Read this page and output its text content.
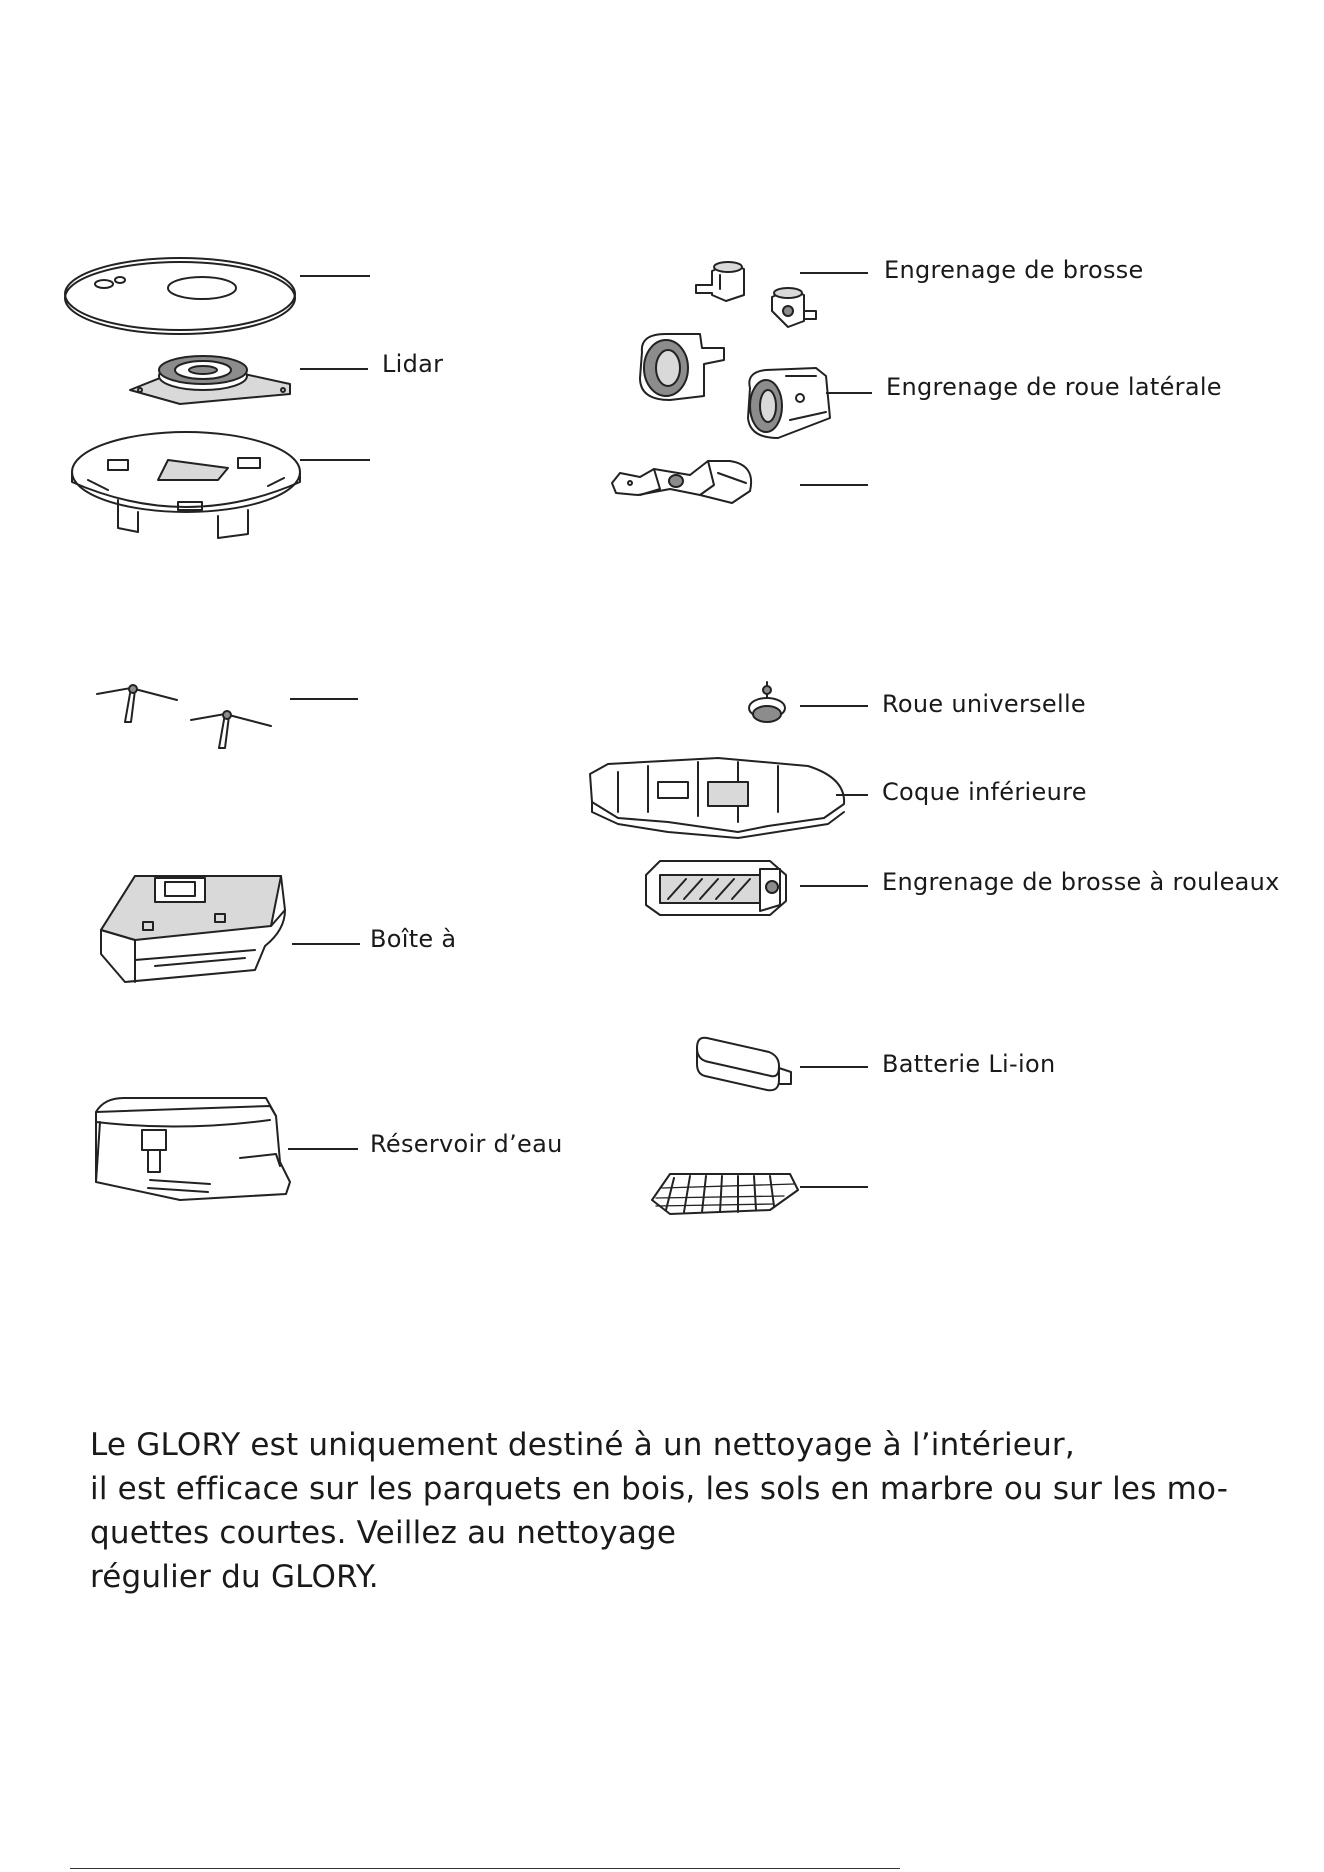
Lidar
Boîte à
Réservoir d’eau
Engrenage de brosse
Engrenage de roue latérale
Roue universelle
Coque inférieure
Engrenage de brosse à rouleaux
Batterie Li-ion
Le GLORY est uniquement destiné à un nettoyage à l’intérieur,
il est efficace sur les parquets en bois, les sols en marbre ou sur les mo-
quettes courtes. Veillez au nettoyage
régulier du GLORY.
